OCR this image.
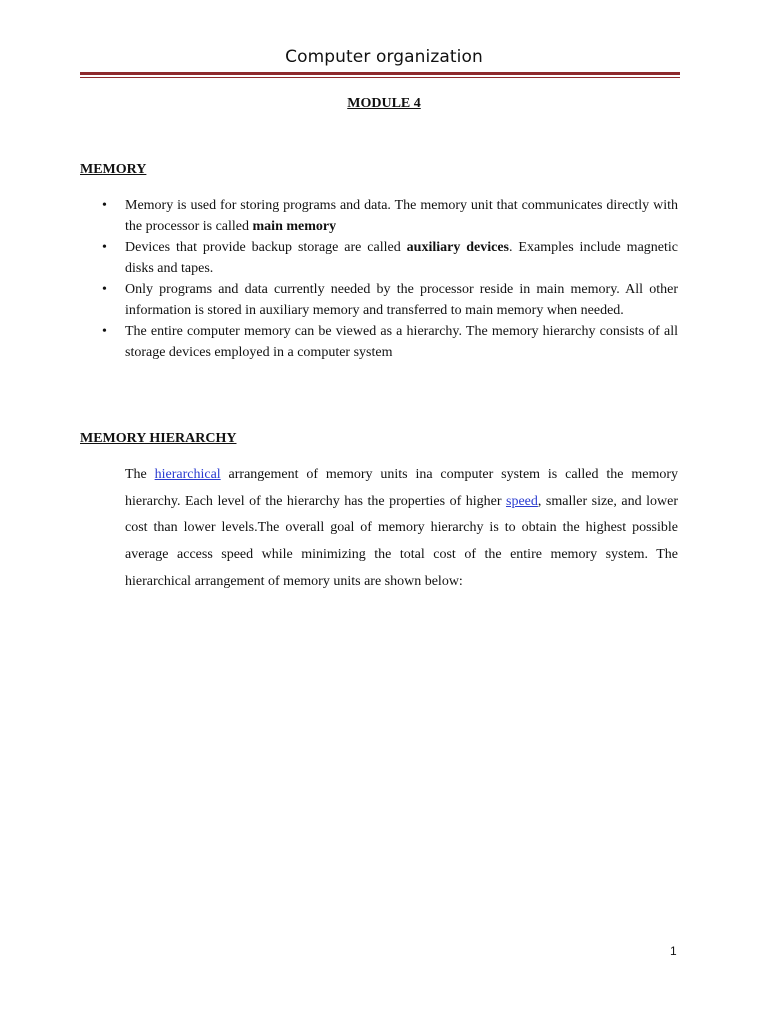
Computer organization
MODULE 4
MEMORY
• Memory is used for storing programs and data. The memory unit that communicates directly with the processor is called main memory
• Devices that provide backup storage are called auxiliary devices. Examples include magnetic disks and tapes.
• Only programs and data currently needed by the processor reside in main memory. All other information is stored in auxiliary memory and transferred to main memory when needed.
• The entire computer memory can be viewed as a hierarchy. The memory hierarchy consists of all storage devices employed in a computer system
MEMORY HIERARCHY

The hierarchical arrangement of memory units ina computer system is called the memory hierarchy. Each level of the hierarchy has the properties of higher speed, smaller size, and lower cost than lower levels.The overall goal of memory hierarchy is to obtain the highest possible average access speed while minimizing the total cost of the entire memory system. The hierarchical arrangement of memory units are shown below:

1
